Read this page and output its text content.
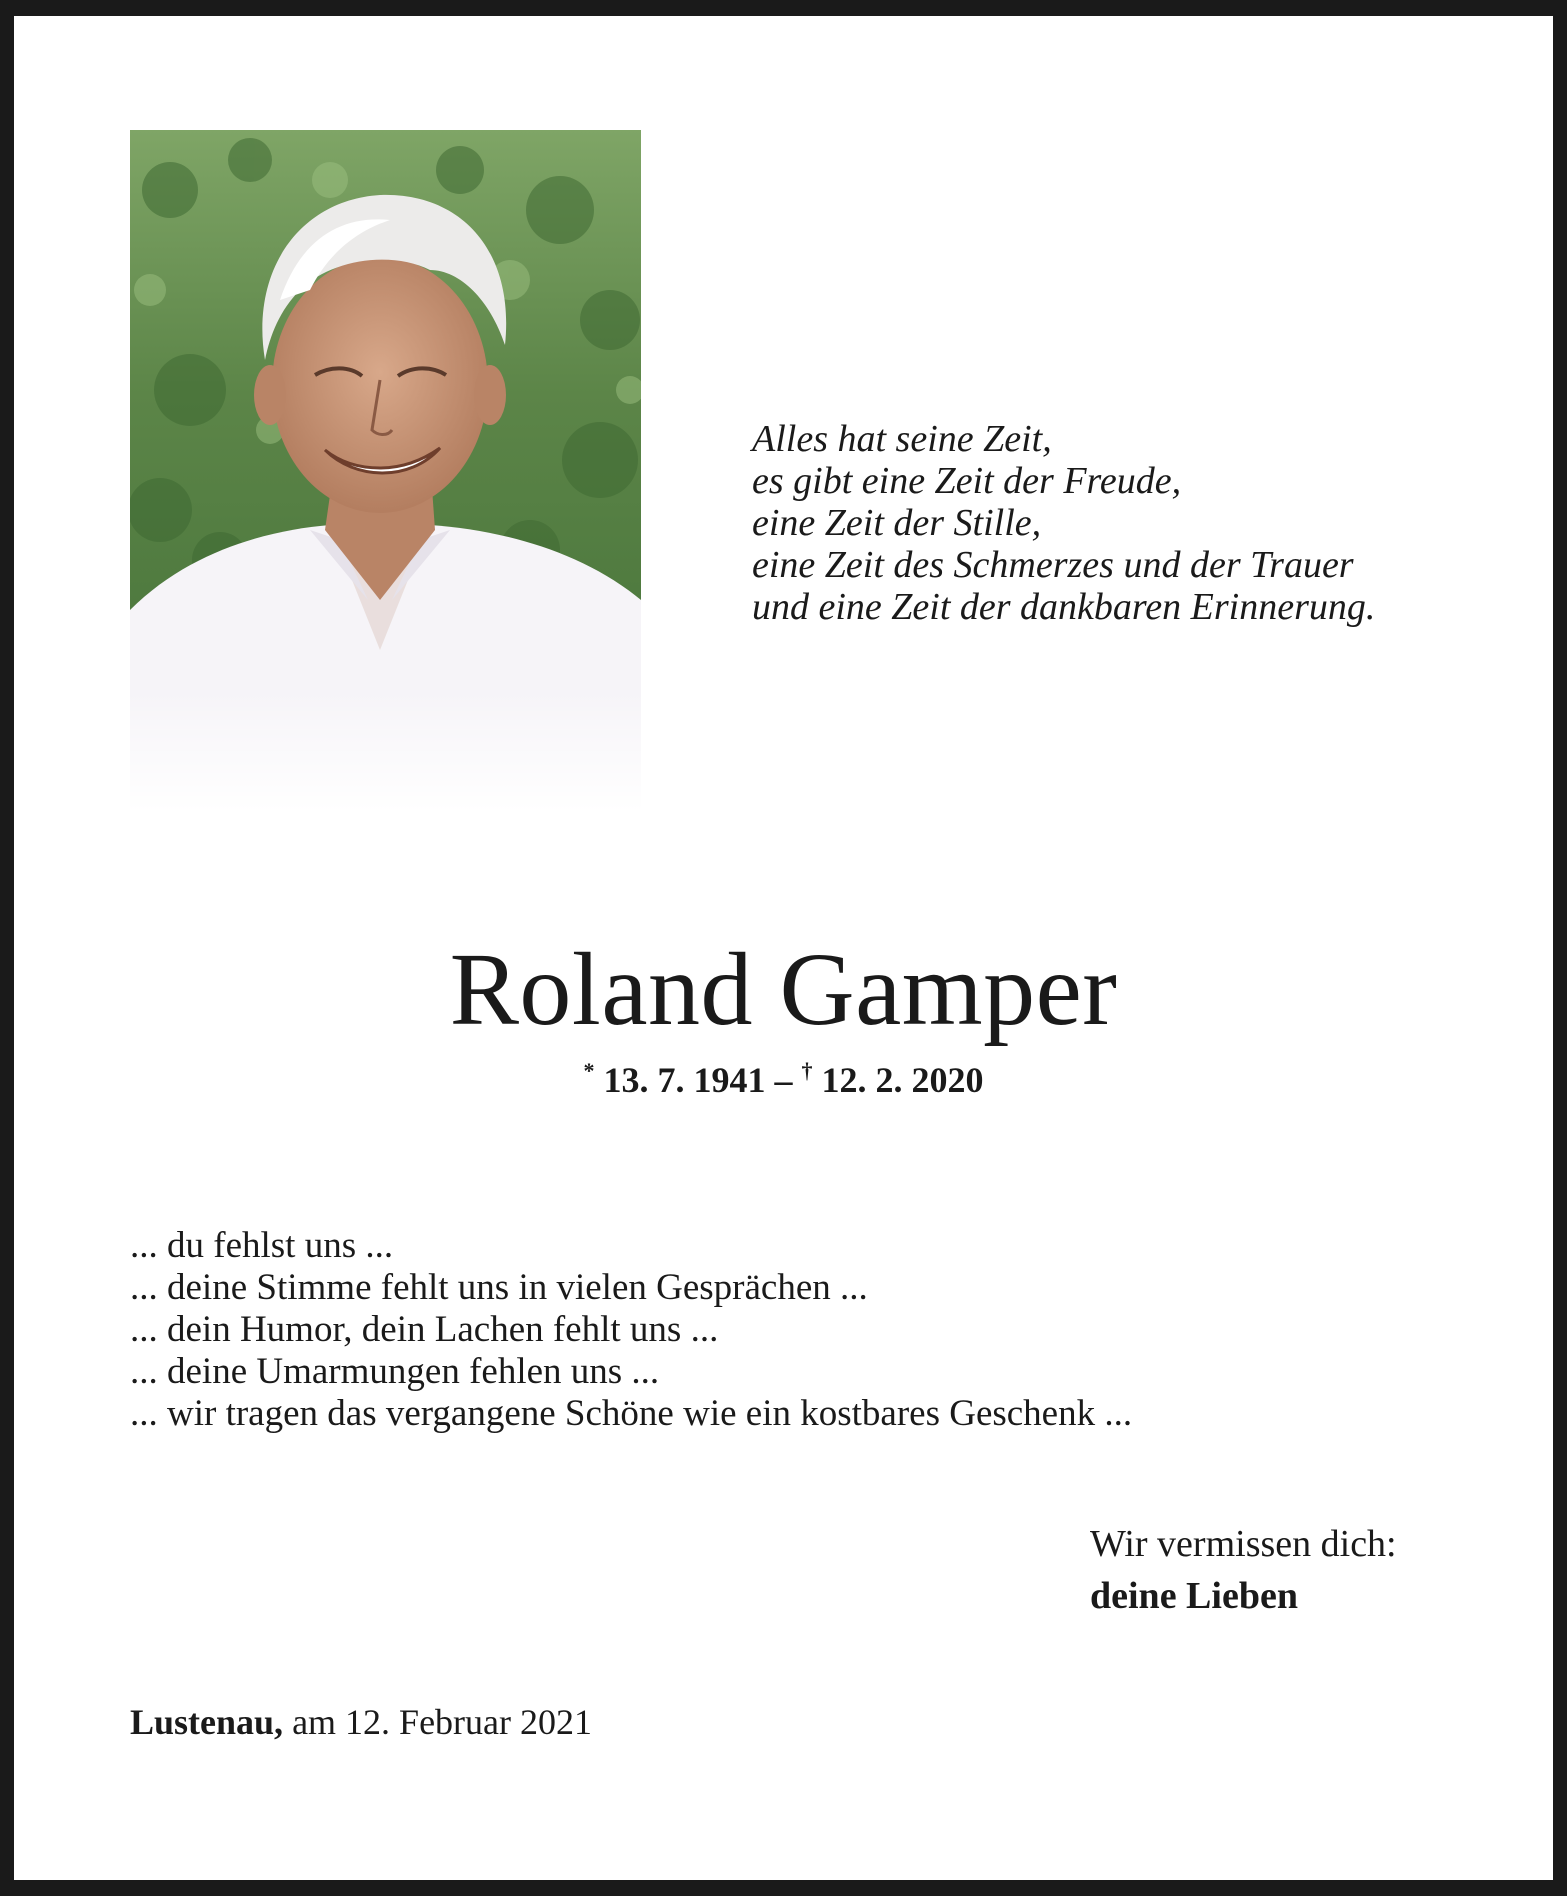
Alles hat seine Zeit,
es gibt eine Zeit der Freude,
eine Zeit der Stille,
eine Zeit des Schmerzes und der Trauer
und eine Zeit der dankbaren Erinnerung.
Roland Gamper
* 13. 7. 1941 – † 12. 2. 2020
... du fehlst uns ...
... deine Stimme fehlt uns in vielen Gesprächen ...
... dein Humor, dein Lachen fehlt uns ...
... deine Umarmungen fehlen uns ...
... wir tragen das vergangene Schöne wie ein kostbares Geschenk ...
Wir vermissen dich:
deine Lieben
Lustenau, am 12. Februar 2021
